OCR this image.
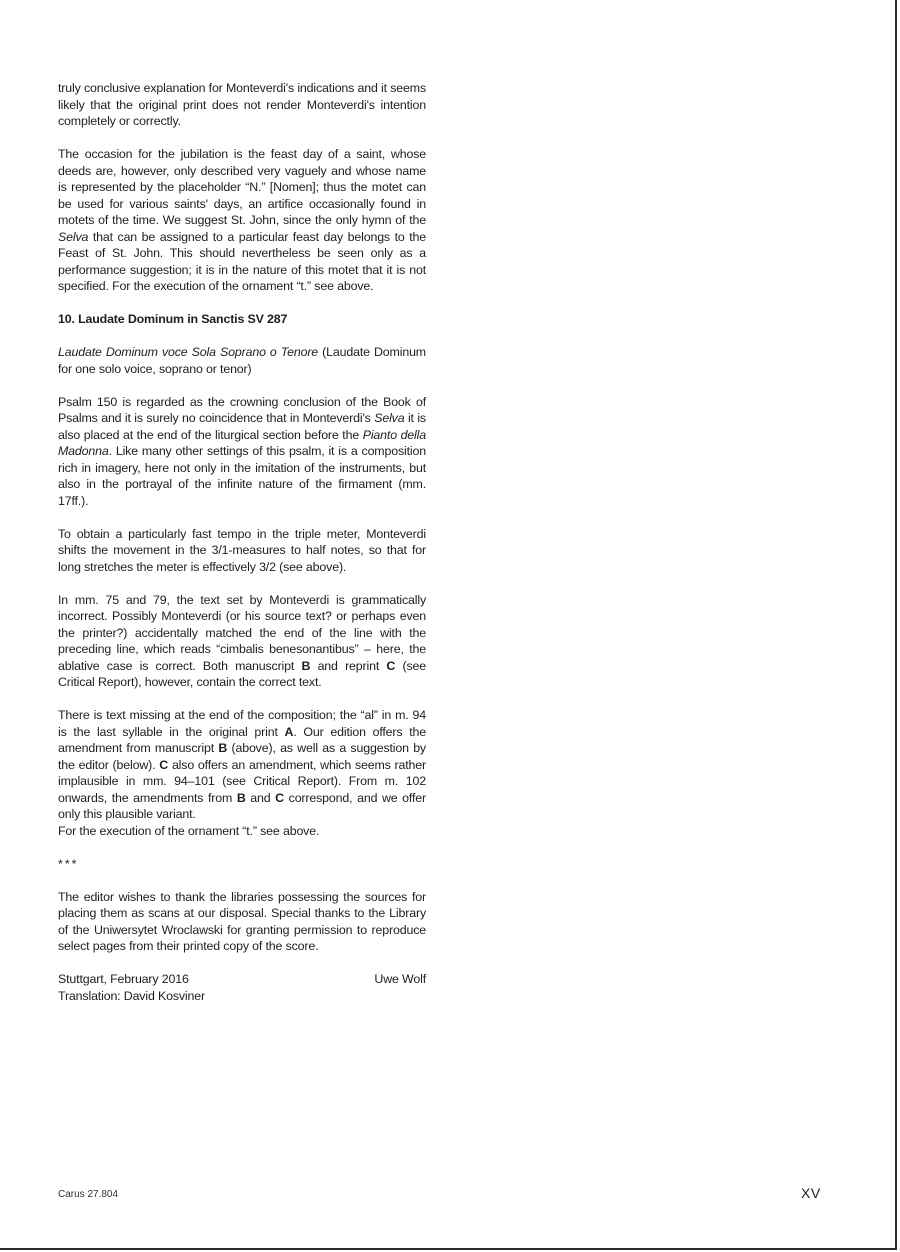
truly conclusive explanation for Monteverdi's indications and it seems likely that the original print does not render Monteverdi's intention completely or correctly.

The occasion for the jubilation is the feast day of a saint, whose deeds are, however, only described very vaguely and whose name is represented by the placeholder “N.” [Nomen]; thus the motet can be used for various saints' days, an artifice occasionally found in motets of the time. We suggest St. John, since the only hymn of the Selva that can be assigned to a particular feast day belongs to the Feast of St. John. This should nevertheless be seen only as a performance suggestion; it is in the nature of this motet that it is not specified. For the execution of the ornament “t.” see above.

10. Laudate Dominum in Sanctis SV 287

Laudate Dominum voce Sola Soprano o Tenore (Laudate Dominum for one solo voice, soprano or tenor)

Psalm 150 is regarded as the crowning conclusion of the Book of Psalms and it is surely no coincidence that in Monteverdi's Selva it is also placed at the end of the liturgical section before the Pianto della Madonna. Like many other settings of this psalm, it is a composition rich in imagery, here not only in the imitation of the instruments, but also in the portrayal of the infinite nature of the firmament (mm. 17ff.).

To obtain a particularly fast tempo in the triple meter, Monteverdi shifts the movement in the 3/1-measures to half notes, so that for long stretches the meter is effectively 3/2 (see above).

In mm. 75 and 79, the text set by Monteverdi is grammatically incorrect. Possibly Monteverdi (or his source text? or perhaps even the printer?) accidentally matched the end of the line with the preceding line, which reads “cimbalis benesonantibus” – here, the ablative case is correct. Both manuscript B and reprint C (see Critical Report), however, contain the correct text.

There is text missing at the end of the composition; the “al” in m. 94 is the last syllable in the original print A. Our edition offers the amendment from manuscript B (above), as well as a suggestion by the editor (below). C also offers an amendment, which seems rather implausible in mm. 94–101 (see Critical Report). From m. 102 onwards, the amendments from B and C correspond, and we offer only this plausible variant.
For the execution of the ornament “t.” see above.

***

The editor wishes to thank the libraries possessing the sources for placing them as scans at our disposal. Special thanks to the Library of the Uniwersytet Wroclawski for granting permission to reproduce select pages from their printed copy of the score.

Stuttgart, February 2016	Uwe Wolf

Translation: David Kosviner

Carus 27.804	XV
